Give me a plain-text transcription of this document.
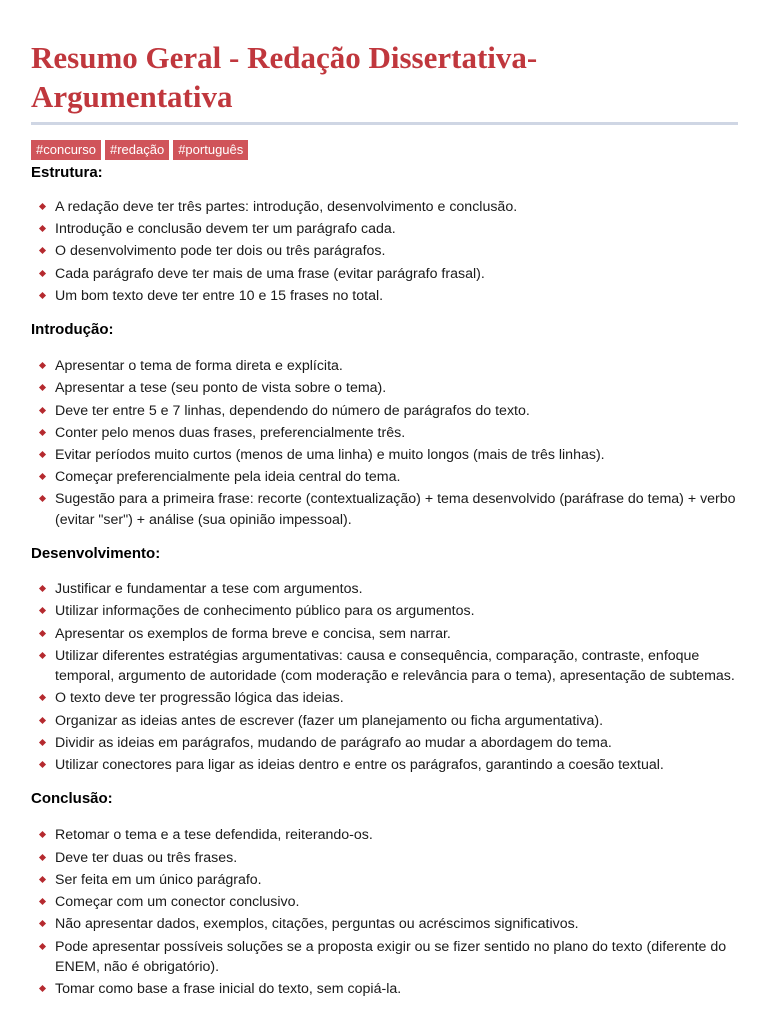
Resumo Geral - Redação Dissertativa-Argumentativa
#concurso	#redação	#português
Estrutura:
A redação deve ter três partes: introdução, desenvolvimento e conclusão.
Introdução e conclusão devem ter um parágrafo cada.
O desenvolvimento pode ter dois ou três parágrafos.
Cada parágrafo deve ter mais de uma frase (evitar parágrafo frasal).
Um bom texto deve ter entre 10 e 15 frases no total.
Introdução:
Apresentar o tema de forma direta e explícita.
Apresentar a tese (seu ponto de vista sobre o tema).
Deve ter entre 5 e 7 linhas, dependendo do número de parágrafos do texto.
Conter pelo menos duas frases, preferencialmente três.
Evitar períodos muito curtos (menos de uma linha) e muito longos (mais de três linhas).
Começar preferencialmente pela ideia central do tema.
Sugestão para a primeira frase: recorte (contextualização) + tema desenvolvido (paráfrase do tema) + verbo (evitar "ser") + análise (sua opinião impessoal).
Desenvolvimento:
Justificar e fundamentar a tese com argumentos.
Utilizar informações de conhecimento público para os argumentos.
Apresentar os exemplos de forma breve e concisa, sem narrar.
Utilizar diferentes estratégias argumentativas: causa e consequência, comparação, contraste, enfoque temporal, argumento de autoridade (com moderação e relevância para o tema), apresentação de subtemas.
O texto deve ter progressão lógica das ideias.
Organizar as ideias antes de escrever (fazer um planejamento ou ficha argumentativa).
Dividir as ideias em parágrafos, mudando de parágrafo ao mudar a abordagem do tema.
Utilizar conectores para ligar as ideias dentro e entre os parágrafos, garantindo a coesão textual.
Conclusão:
Retomar o tema e a tese defendida, reiterando-os.
Deve ter duas ou três frases.
Ser feita em um único parágrafo.
Começar com um conector conclusivo.
Não apresentar dados, exemplos, citações, perguntas ou acréscimos significativos.
Pode apresentar possíveis soluções se a proposta exigir ou se fizer sentido no plano do texto (diferente do ENEM, não é obrigatório).
Tomar como base a frase inicial do texto, sem copiá-la.
